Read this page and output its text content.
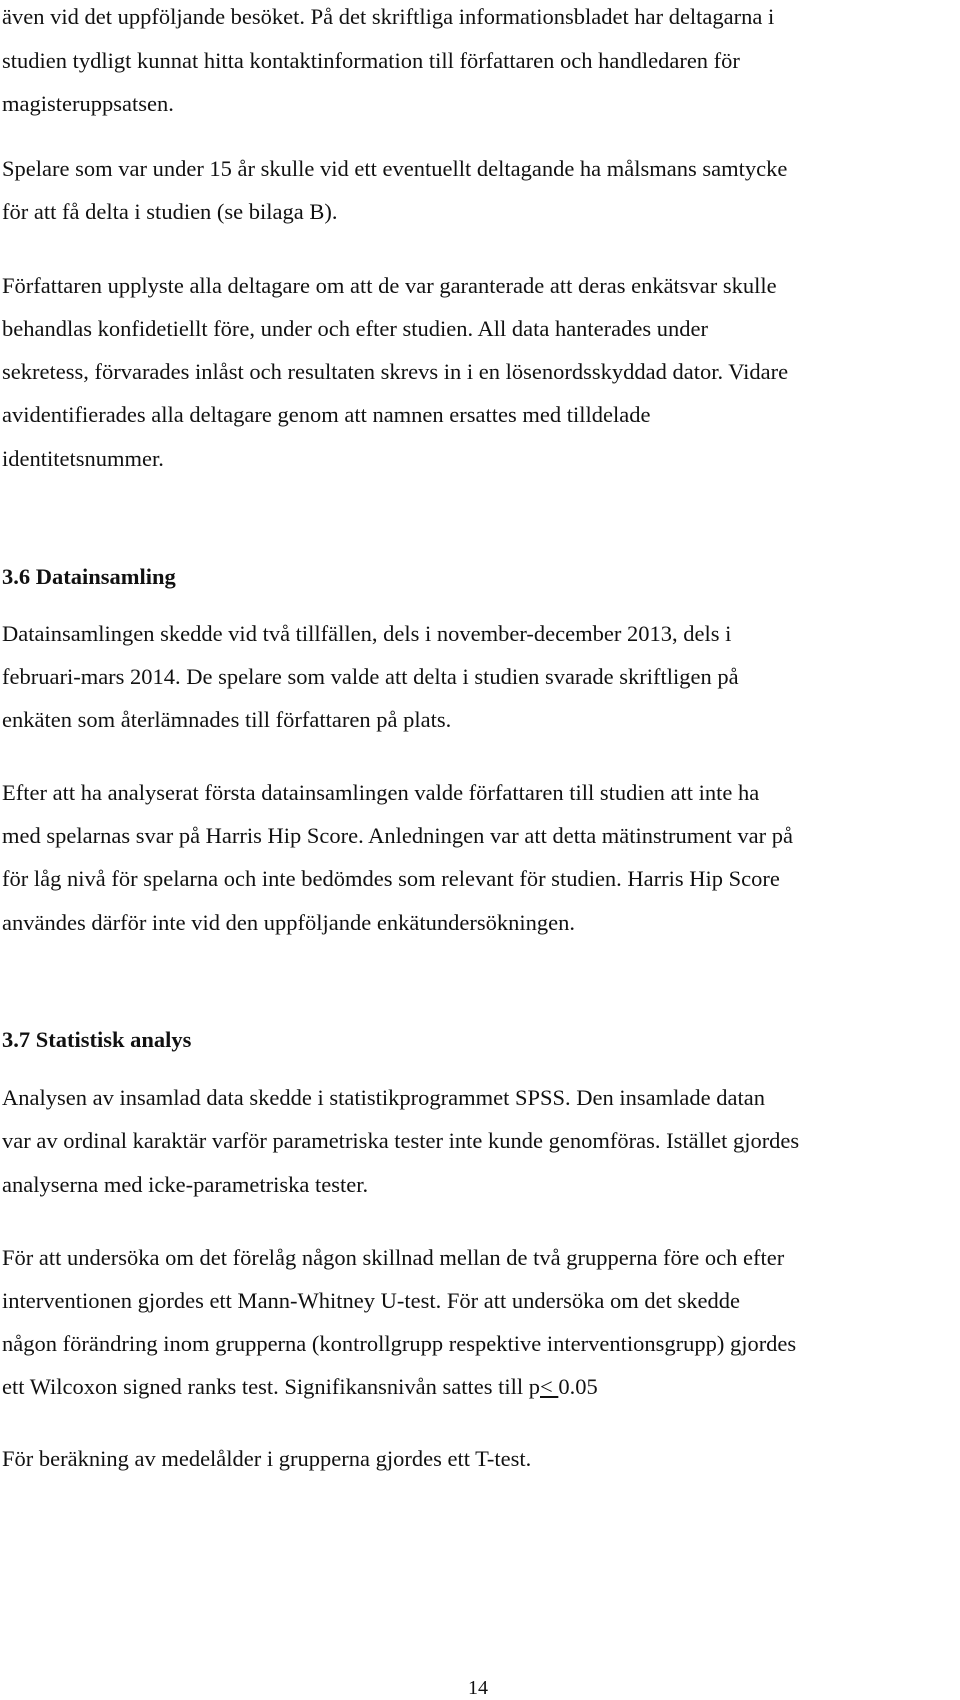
även vid det uppföljande besöket. På det skriftliga informationsbladet har deltagarna i
studien tydligt kunnat hitta kontaktinformation till författaren och handledaren för
magisteruppsatsen.
Spelare som var under 15 år skulle vid ett eventuellt deltagande ha målsmans samtycke
för att få delta i studien (se bilaga B).
Författaren upplyste alla deltagare om att de var garanterade att deras enkätsvar skulle
behandlas konfidetiellt före, under och efter studien. All data hanterades under
sekretess, förvarades inlåst och resultaten skrevs in i en lösenordsskyddad dator. Vidare
avidentifierades alla deltagare genom att namnen ersattes med tilldelade
identitetsnummer.
3.6 Datainsamling
Datainsamlingen skedde vid två tillfällen, dels i november-december 2013, dels i
februari-mars 2014. De spelare som valde att delta i studien svarade skriftligen på
enkäten som återlämnades till författaren på plats.
Efter att ha analyserat första datainsamlingen valde författaren till studien att inte ha
med spelarnas svar på Harris Hip Score. Anledningen var att detta mätinstrument var på
för låg nivå för spelarna och inte bedömdes som relevant för studien. Harris Hip Score
användes därför inte vid den uppföljande enkätundersökningen.
3.7 Statistisk analys
Analysen av insamlad data skedde i statistikprogrammet SPSS. Den insamlade datan
var av ordinal karaktär varför parametriska tester inte kunde genomföras. Istället gjordes
analyserna med icke-parametriska tester.
För att undersöka om det förelåg någon skillnad mellan de två grupperna före och efter
interventionen gjordes ett Mann-Whitney U-test. För att undersöka om det skedde
någon förändring inom grupperna (kontrollgrupp respektive interventionsgrupp) gjordes
ett Wilcoxon signed ranks test. Signifikansnivån sattes till p< 0.05
För beräkning av medelålder i grupperna gjordes ett T-test.
14
